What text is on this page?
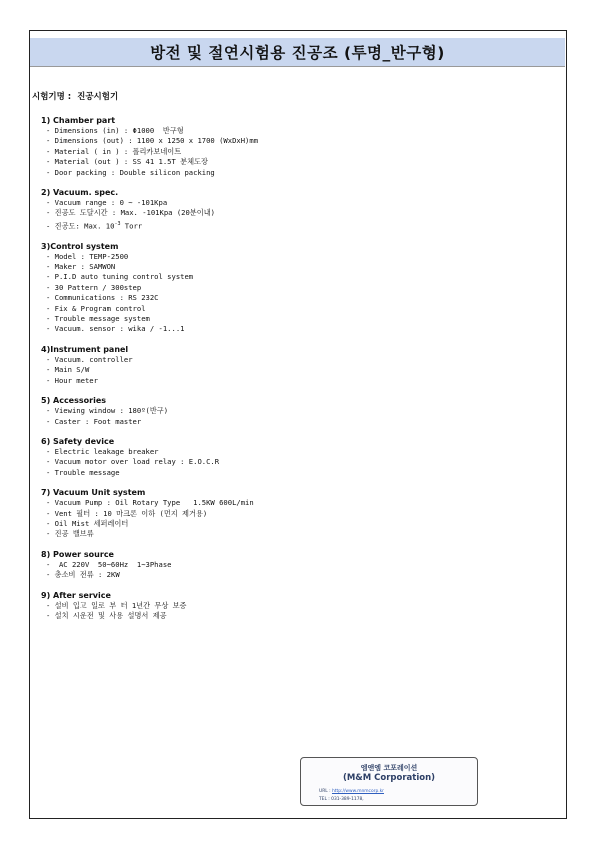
방전 및 절연시험용 진공조 (투명_반구형)
시험기명 :  진공시험기
1) Chamber part
- Dimensions (in) : Φ1000  반구형
- Dimensions (out) : 1100 x 1250 x 1700 (WxDxH)mm
- Material ( in ) : 폴리카보네이트
- Material (out ) : SS 41 1.5T 분체도장
- Door packing : Double silicon packing
2) Vacuum. spec.
- Vacuum range : 0 ~ -101Kpa
- 진공도 도달시간 : Max. -101Kpa (20분이내)
- 진공도: Max. $10^{-3}$ Torr
3)Control system
- Model : TEMP-2500
- Maker : SAMWON
- P.I.D auto tuning control system
- 30 Pattern / 300step
- Communications : RS 232C
- Fix & Program control
- Trouble message system
- Vacuum. sensor : wika / -1...1
4)Instrument panel
- Vacuum. controller
- Main S/W
- Hour meter
5) Accessories
- Viewing window : 180º(반구)
- Caster : Foot master
6) Safety device
- Electric leakage breaker
- Vacuum motor over load relay : E.O.C.R
- Trouble message
7) Vacuum Unit system
- Vacuum Pump : Oil Rotary Type   1.5KW 600L/min
- Vent 필터 : 10 마크론 이하 (먼지 제거용)
- Oil Mist 세퍼레이터
- 진공 밸브류
8) Power source
-  AC 220V  50~60Hz  1~3Phase
- 총소비 전류 : 2KW
9) After service
- 설비 입고 일로 부 터 1년간 무상 보증
- 설치 시운전 및 사용 설명서 제공
엠앤엠 코포레이션
(M&M Corporation)
URL : http://www.mnmcorp.kr
TEL : 031-389-1178,
